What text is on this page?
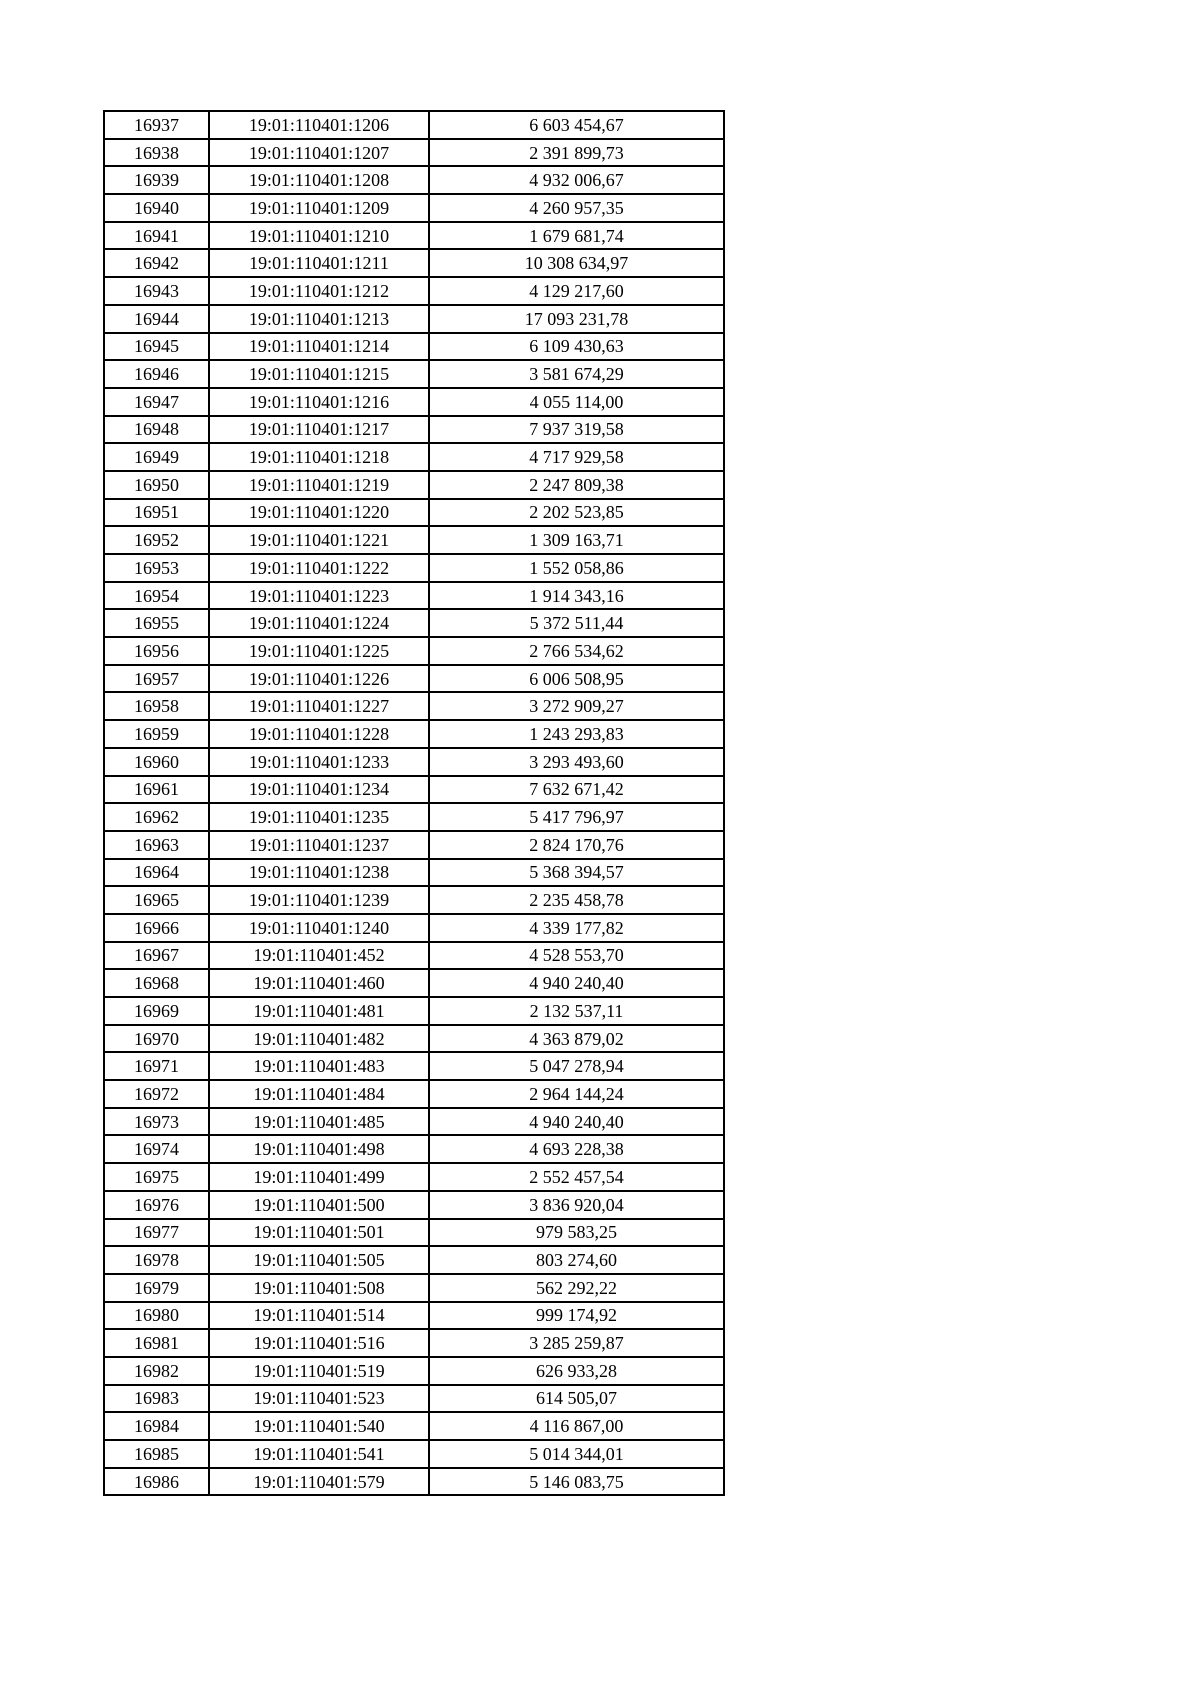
16937	19:01:110401:1206	6 603 454,67
16938	19:01:110401:1207	2 391 899,73
16939	19:01:110401:1208	4 932 006,67
16940	19:01:110401:1209	4 260 957,35
16941	19:01:110401:1210	1 679 681,74
16942	19:01:110401:1211	10 308 634,97
16943	19:01:110401:1212	4 129 217,60
16944	19:01:110401:1213	17 093 231,78
16945	19:01:110401:1214	6 109 430,63
16946	19:01:110401:1215	3 581 674,29
16947	19:01:110401:1216	4 055 114,00
16948	19:01:110401:1217	7 937 319,58
16949	19:01:110401:1218	4 717 929,58
16950	19:01:110401:1219	2 247 809,38
16951	19:01:110401:1220	2 202 523,85
16952	19:01:110401:1221	1 309 163,71
16953	19:01:110401:1222	1 552 058,86
16954	19:01:110401:1223	1 914 343,16
16955	19:01:110401:1224	5 372 511,44
16956	19:01:110401:1225	2 766 534,62
16957	19:01:110401:1226	6 006 508,95
16958	19:01:110401:1227	3 272 909,27
16959	19:01:110401:1228	1 243 293,83
16960	19:01:110401:1233	3 293 493,60
16961	19:01:110401:1234	7 632 671,42
16962	19:01:110401:1235	5 417 796,97
16963	19:01:110401:1237	2 824 170,76
16964	19:01:110401:1238	5 368 394,57
16965	19:01:110401:1239	2 235 458,78
16966	19:01:110401:1240	4 339 177,82
16967	19:01:110401:452	4 528 553,70
16968	19:01:110401:460	4 940 240,40
16969	19:01:110401:481	2 132 537,11
16970	19:01:110401:482	4 363 879,02
16971	19:01:110401:483	5 047 278,94
16972	19:01:110401:484	2 964 144,24
16973	19:01:110401:485	4 940 240,40
16974	19:01:110401:498	4 693 228,38
16975	19:01:110401:499	2 552 457,54
16976	19:01:110401:500	3 836 920,04
16977	19:01:110401:501	979 583,25
16978	19:01:110401:505	803 274,60
16979	19:01:110401:508	562 292,22
16980	19:01:110401:514	999 174,92
16981	19:01:110401:516	3 285 259,87
16982	19:01:110401:519	626 933,28
16983	19:01:110401:523	614 505,07
16984	19:01:110401:540	4 116 867,00
16985	19:01:110401:541	5 014 344,01
16986	19:01:110401:579	5 146 083,75
